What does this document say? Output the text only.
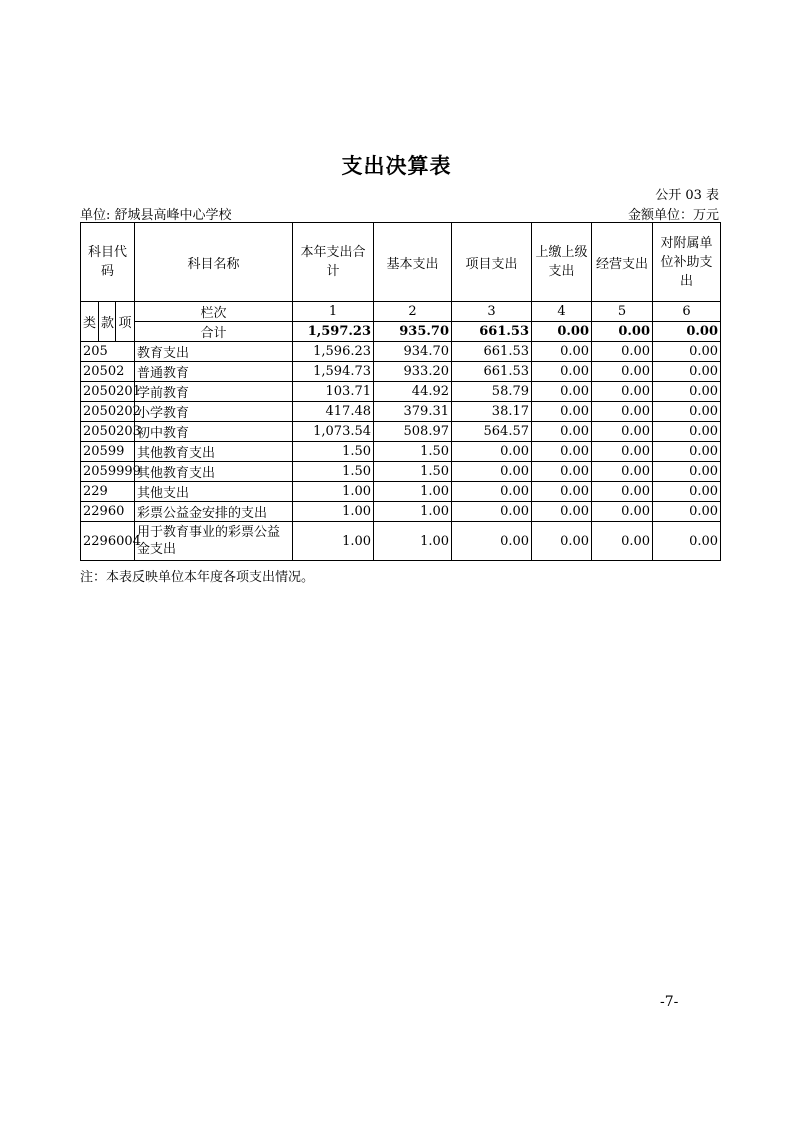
支出决算表
公开 03 表
单位: 舒城县高峰中心学校	金额单位：万元
科目代码			科目名称	本年支出合计	基本支出	项目支出	上缴上级支出	经营支出	对附属单位补助支出
类	款	项	栏次	1	2	3	4	5	6
			合计	1,597.23	935.70	661.53	0.00	0.00	0.00
205			教育支出	1,596.23	934.70	661.53	0.00	0.00	0.00
20502			普通教育	1,594.73	933.20	661.53	0.00	0.00	0.00
2050201			学前教育	103.71	44.92	58.79	0.00	0.00	0.00
2050202			小学教育	417.48	379.31	38.17	0.00	0.00	0.00
2050203			初中教育	1,073.54	508.97	564.57	0.00	0.00	0.00
20599			其他教育支出	1.50	1.50	0.00	0.00	0.00	0.00
2059999			其他教育支出	1.50	1.50	0.00	0.00	0.00	0.00
229			其他支出	1.00	1.00	0.00	0.00	0.00	0.00
22960			彩票公益金安排的支出	1.00	1.00	0.00	0.00	0.00	0.00
2296004			用于教育事业的彩票公益金支出	1.00	1.00	0.00	0.00	0.00	0.00
注：本表反映单位本年度各项支出情况。
-7-
